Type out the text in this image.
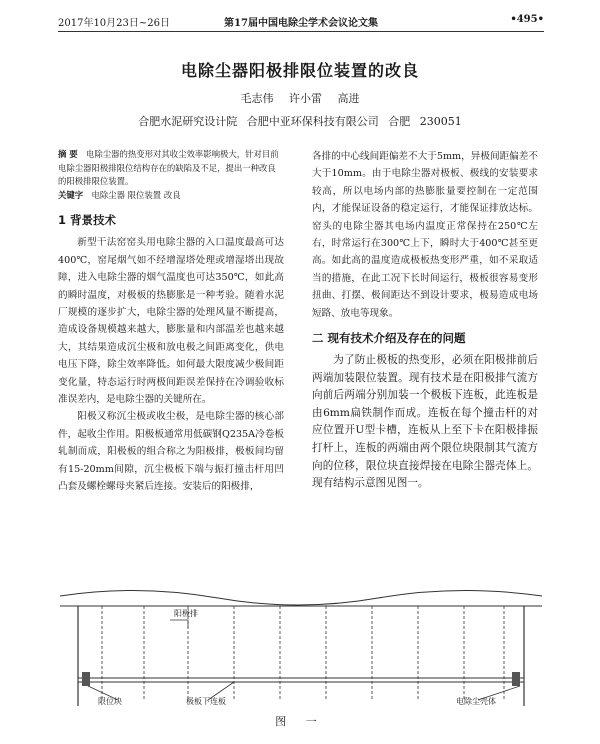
2017年10月23日~26日	第17届中国电除尘学术会议论文集	•495•
电除尘器阳极排限位装置的改良
毛志伟 许小雷 高进
合肥水泥研究设计院 合肥中亚环保科技有限公司 合肥 230051

摘 要　 电除尘器的热变形对其收尘效率影响极大，针对目前电除尘器阳极排限位结构存在的缺陷及不足，提出一种改良的阳极排限位装置。

关键字　 电除尘器 限位装置 改良

1 背景技术

新型干法窑窑头用电除尘器的入口温度最高可达400℃，窑尾烟气如不经增湿塔处理或增湿塔出现故障，进入电除尘器的烟气温度也可达350℃，如此高的瞬时温度，对极板的热膨胀是一种考验。随着水泥厂规模的逐步扩大，电除尘器的处理风量不断提高，造成设备规模越来越大，膨胀量和内部温差也越来越大，其结果造成沉尘极和放电极之间距离变化，供电电压下降，除尘效率降低。如何最大限度减少极间距变化量，特态运行时两极间距误差保持在冷调验收标准误差内，是电除尘器的关键所在。

阳极又称沉尘极或收尘极，是电除尘器的核心部件，起收尘作用。阳极板通常用低碳钢Q235A冷卷板轧制而成，阳极板的组合称之为阳极排，极板间均留有15-20mm间隙，沉尘极板下端与振打撞击杆用凹凸套及螺栓螺母夹紧后连接。安装后的阳极排，

各排的中心线间距偏差不大于5mm，异极间距偏差不大于10mm。由于电除尘器对极板、极线的安装要求较高，所以电场内部的热膨胀量要控制在一定范围内，才能保证设备的稳定运行，才能保证排放达标。窑头的电除尘器其电场内温度正常保持在250℃左右，时常运行在300℃上下，瞬时大于400℃甚至更高。如此高的温度造成极板热变形严重，如不采取适当的措施，在此工况下长时间运行，极板很容易变形扭曲、打摆、极间距达不到设计要求，极易造成电场短路、放电等现象。

二 现有技术介绍及存在的问题

为了防止极板的热变形，必须在阳极排前后两端加装限位装置。现有技术是在阳极排气流方向前后两端分别加装一个极板下连板，此连板是由6mm扁铁制作而成。连板在每个撞击杆的对应位置开U型卡槽，连板从上至下卡在阳极排振打杆上，连板的两端由两个限位块限制其气流方向的位移，限位块直接焊接在电除尘器壳体上。现有结构示意图见图一。

阳极排
限位块	极板下连板	电除尘壳体
图 一
